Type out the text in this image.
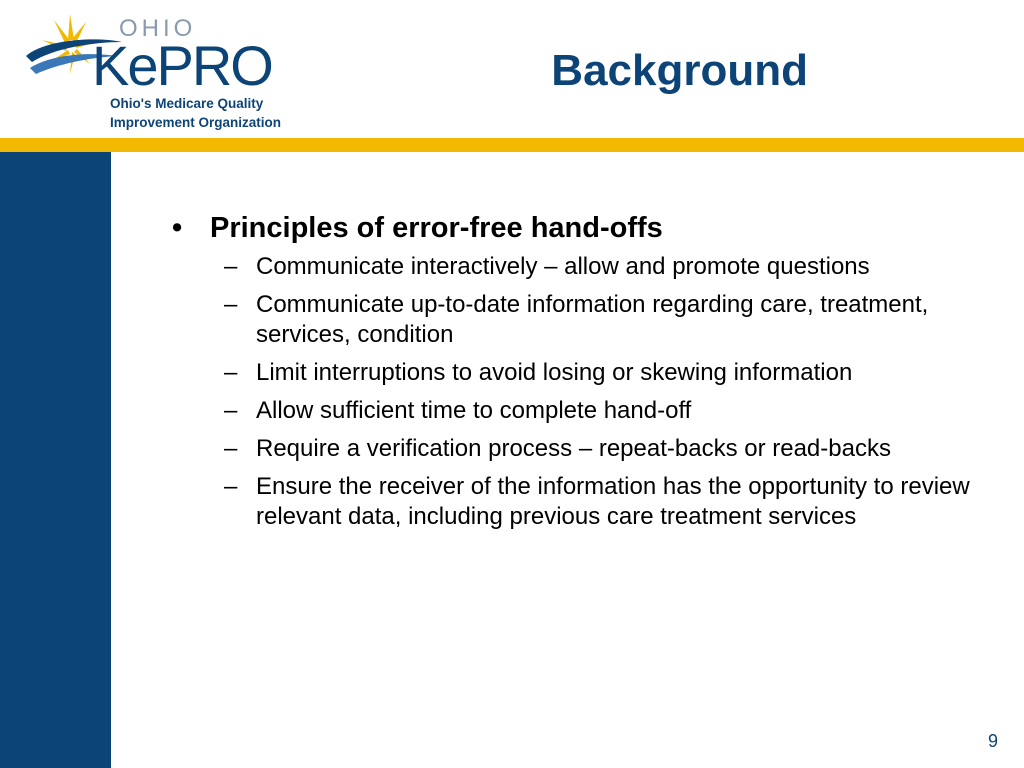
OHIO
KePRO
Ohio's Medicare Quality
Improvement Organization
Background
• Principles of error-free hand-offs
– Communicate interactively – allow and promote questions
– Communicate up-to-date information regarding care, treatment, services, condition
– Limit interruptions to avoid losing or skewing information
– Allow sufficient time to complete hand-off
– Require a verification process – repeat-backs or read-backs
– Ensure the receiver of the information has the opportunity to review relevant data, including previous care treatment services
9
